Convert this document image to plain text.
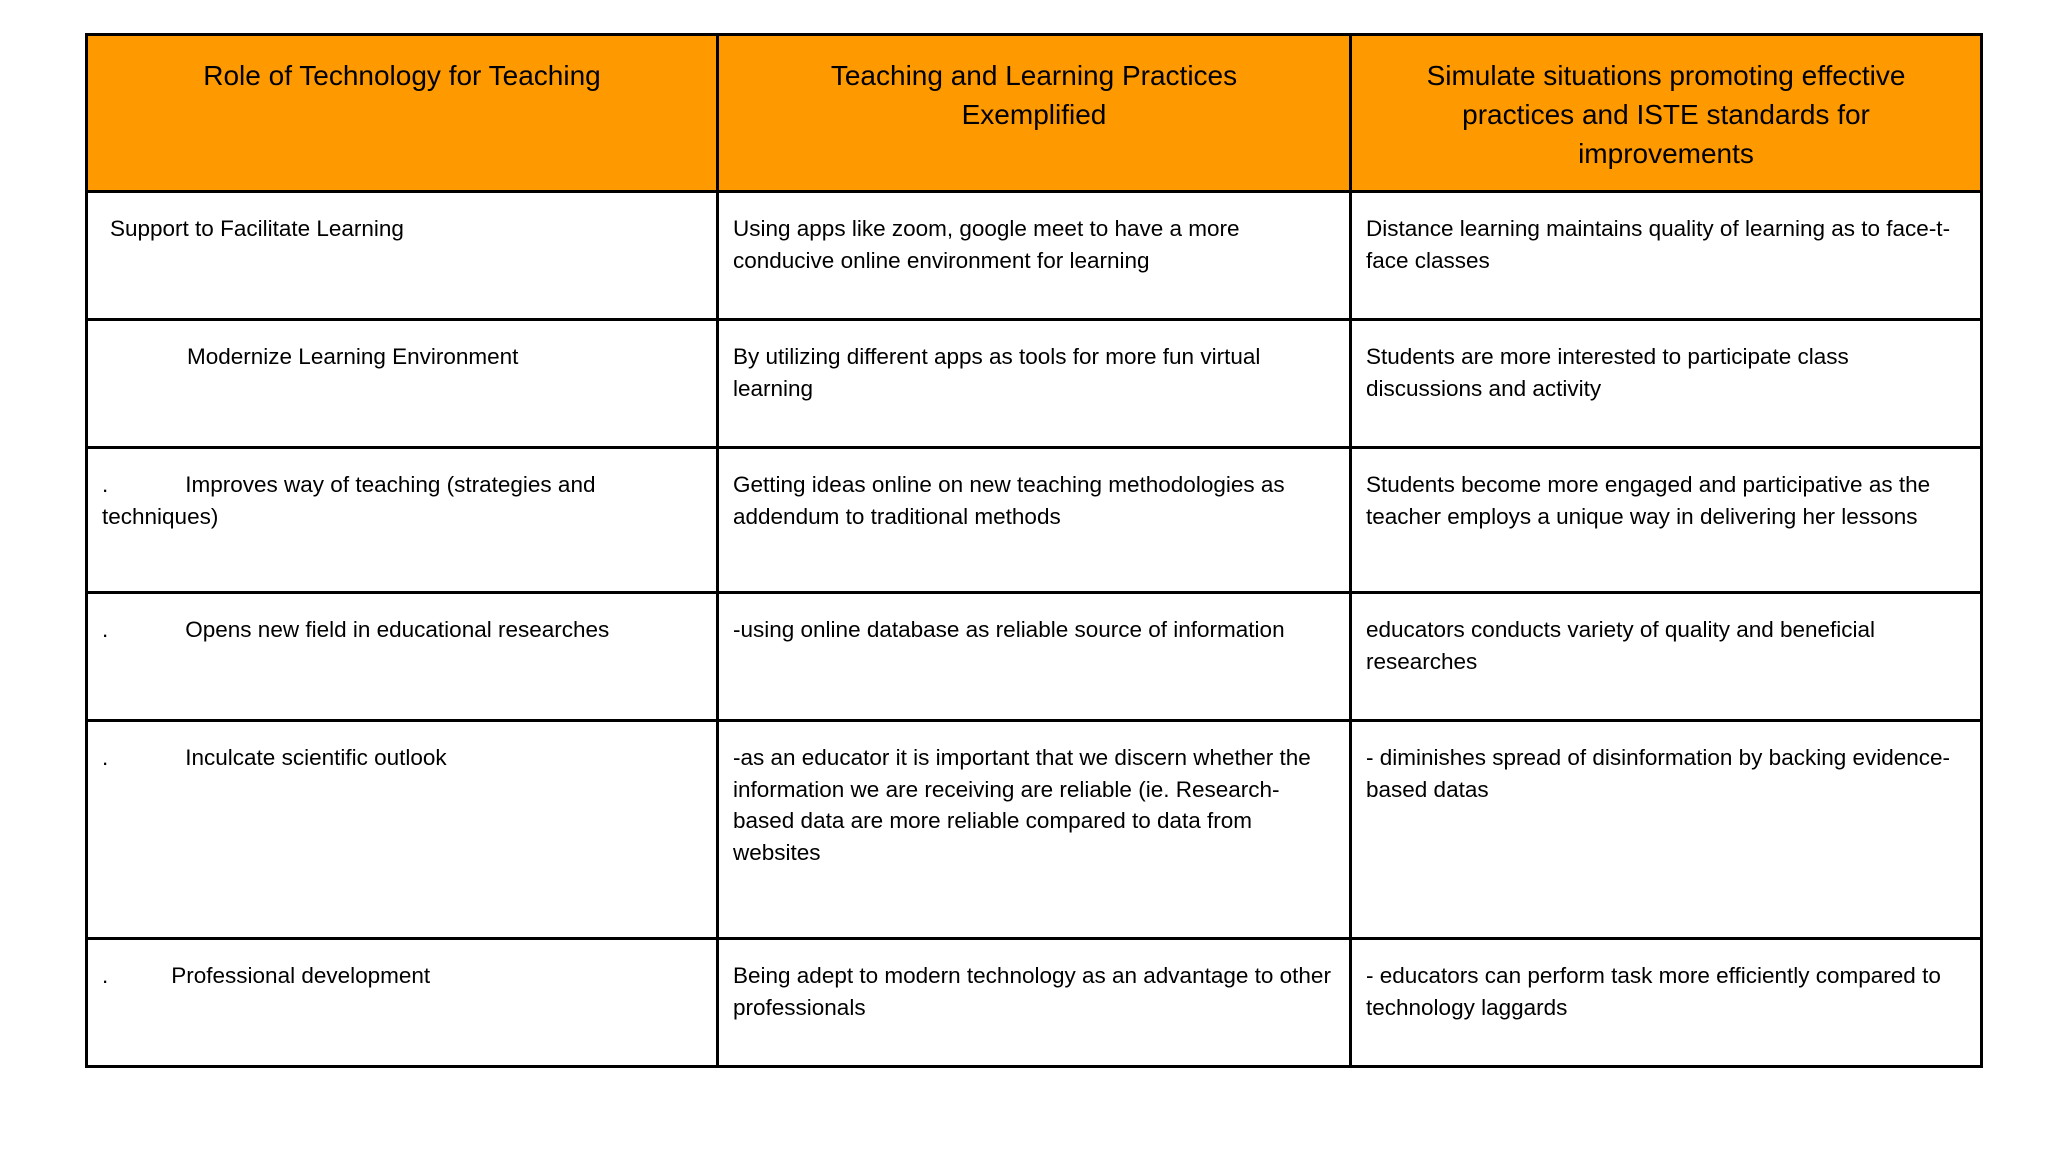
Role of Technology for Teaching	Teaching and Learning Practices Exemplified	Simulate situations promoting effective practices and ISTE standards for improvements
Support to Facilitate Learning	Using apps like zoom, google meet to have a more conducive online environment for learning	Distance learning maintains quality of learning as to face-t-face classes
Modernize Learning Environment	By utilizing different apps as tools for more fun virtual learning	Students are more interested to participate class discussions and activity
. Improves way of teaching (strategies and techniques)	Getting ideas online on new teaching methodologies as addendum to traditional methods	Students become more engaged and participative as the teacher employs a unique way in delivering her lessons
. Opens new field in educational researches	-using online database as reliable source of information	educators conducts variety of quality and beneficial researches
. Inculcate scientific outlook	-as an educator it is important that we discern whether the information we are receiving are reliable (ie. Research-based data are more reliable compared to data from websites	- diminishes spread of disinformation by backing evidence-based datas
. Professional development	Being adept to modern technology as an advantage to other professionals	- educators can perform task more efficiently compared to technology laggards
